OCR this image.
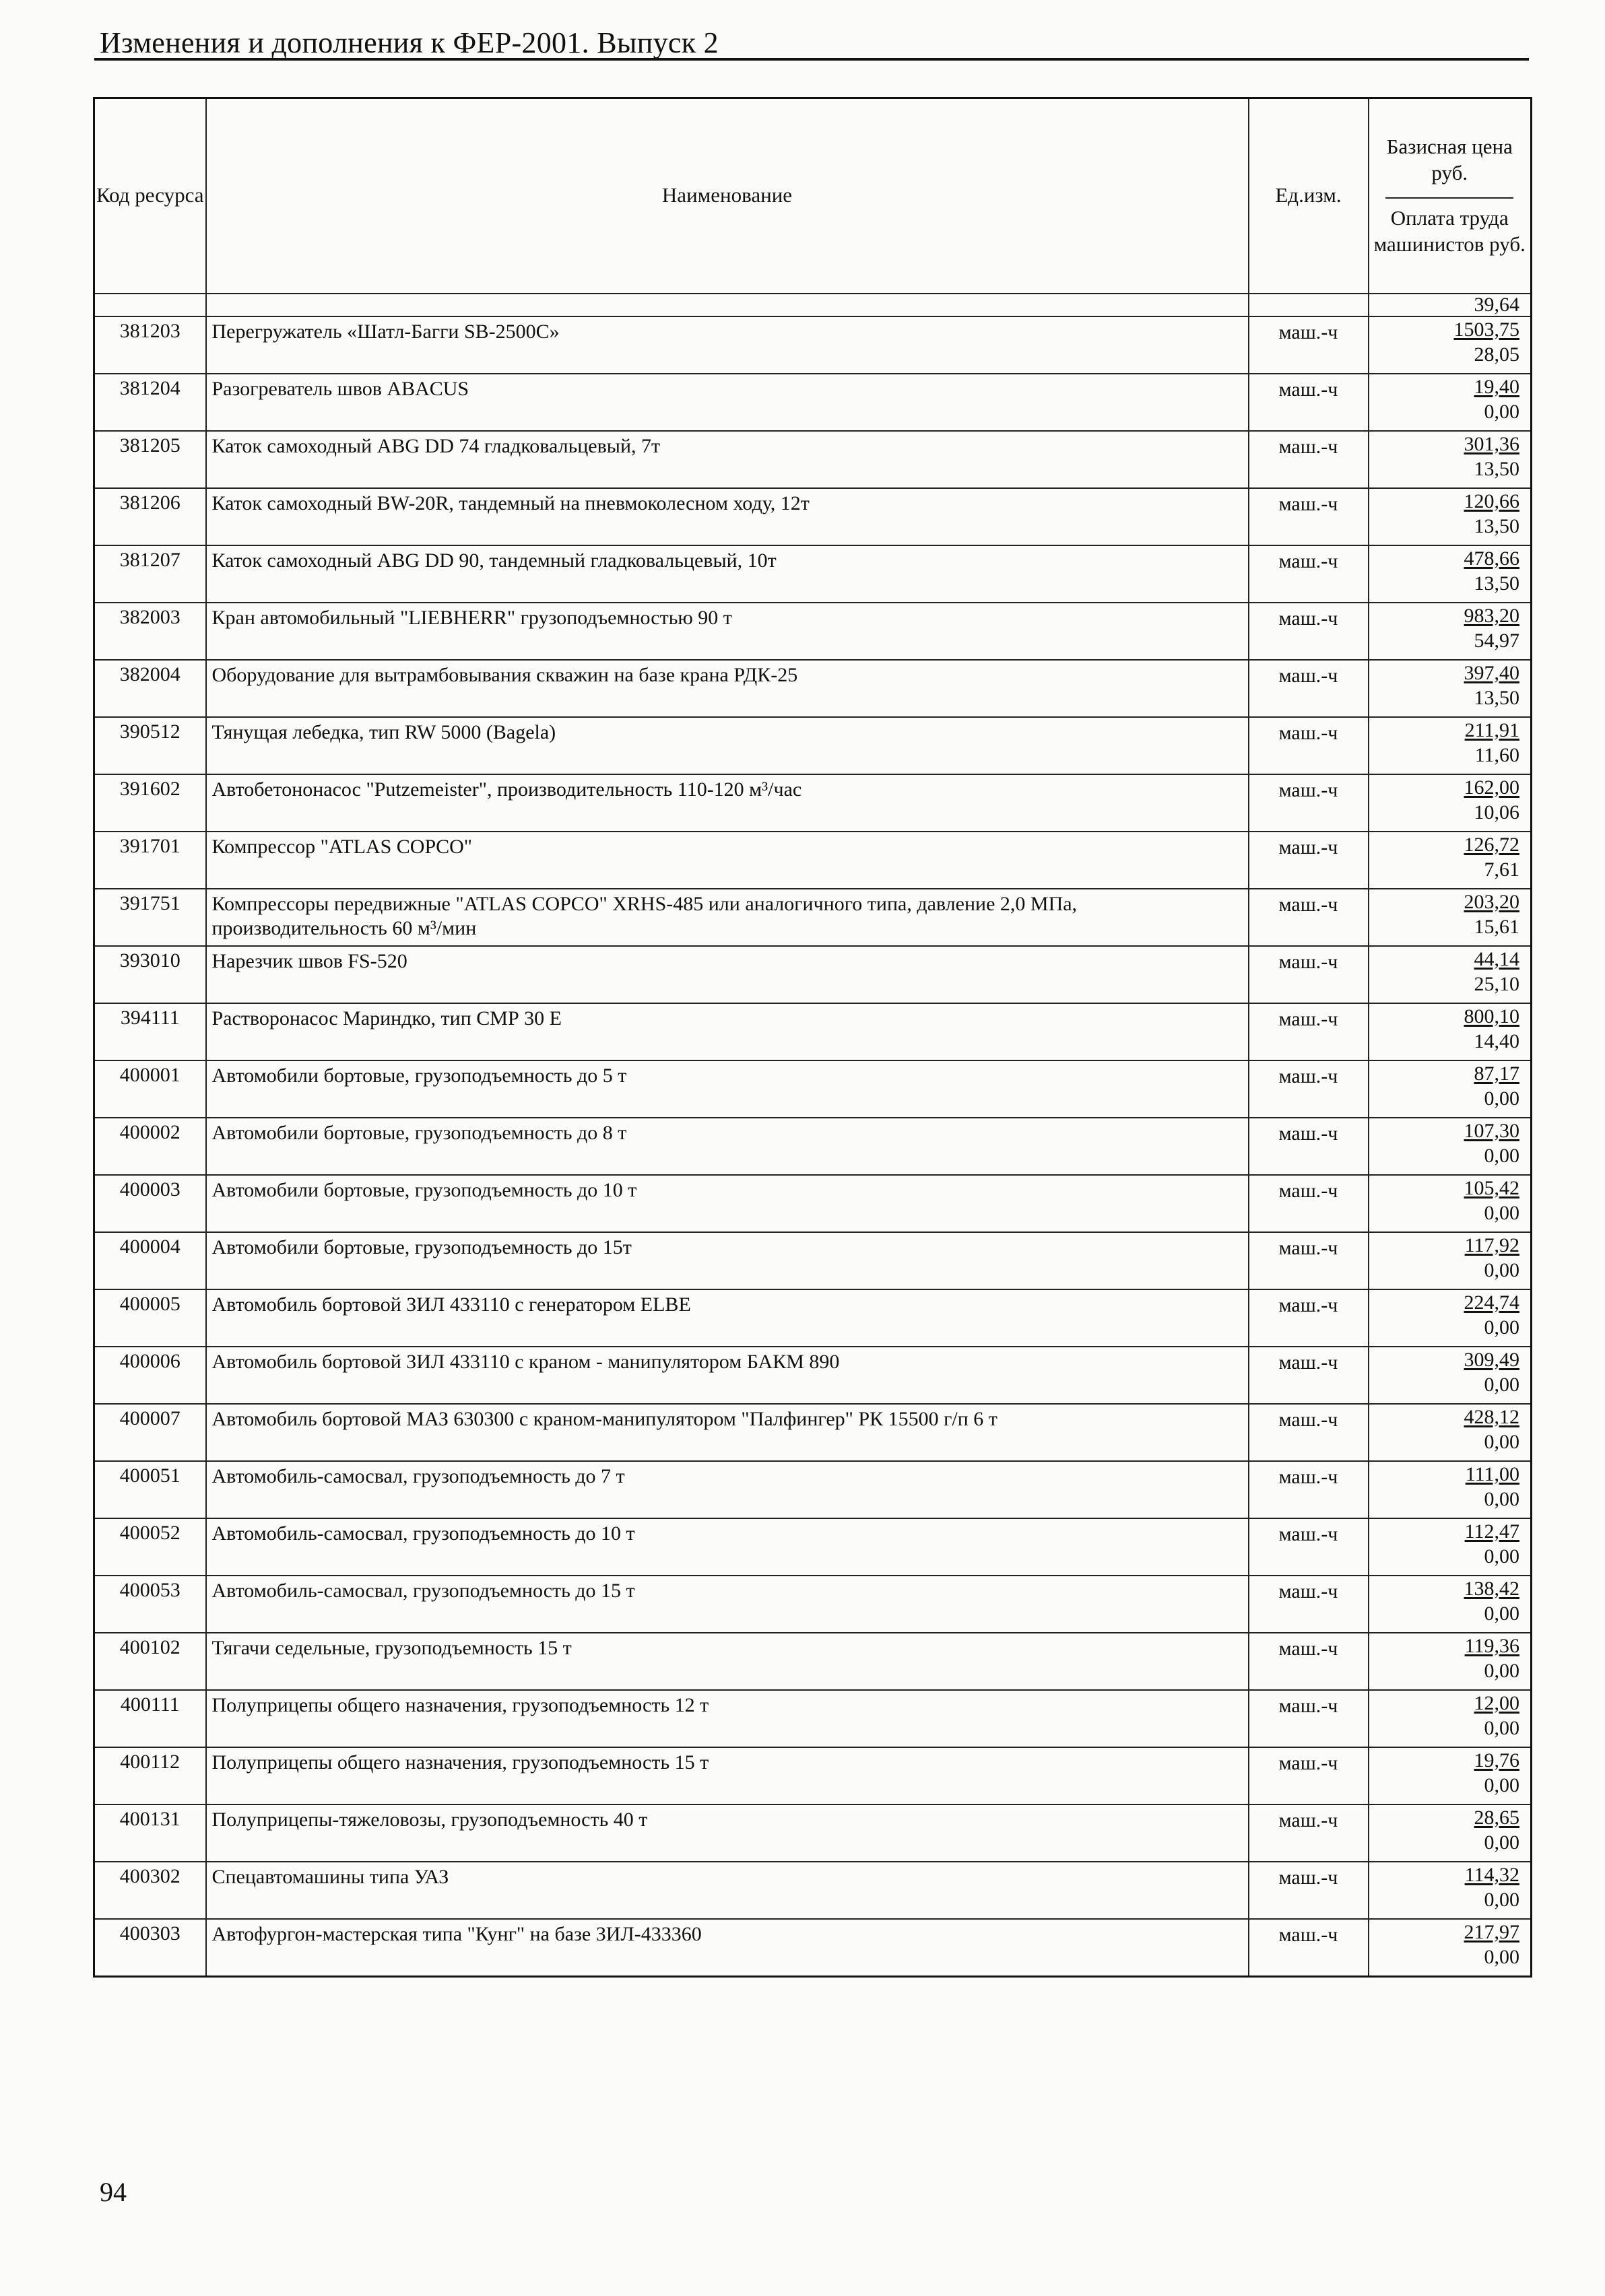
Изменения и дополнения к ФЕР-2001. Выпуск 2
Код ресурса	Наименование	Ед.изм.	Базисная цена руб.
Оплата труда машинистов руб.

			39,64
381203	Перегружатель «Шатл-Багги SB-2500C»	маш.-ч	1503,75
28,05

381204	Разогреватель швов ABACUS	маш.-ч	19,40
0,00

381205	Каток самоходный ABG DD 74 гладковальцевый, 7т	маш.-ч	301,36
13,50

381206	Каток самоходный BW-20R, тандемный на пневмоколесном ходу, 12т	маш.-ч	120,66
13,50

381207	Каток самоходный ABG DD 90, тандемный гладковальцевый, 10т	маш.-ч	478,66
13,50

382003	Кран автомобильный "LIEBHERR" грузоподъемностью 90 т	маш.-ч	983,20
54,97

382004	Оборудование для вытрамбовывания скважин на базе крана РДК-25	маш.-ч	397,40
13,50

390512	Тянущая лебедка, тип RW 5000 (Bagela)	маш.-ч	211,91
11,60

391602	Автобетононасос "Putzemeister", производительность 110-120 м³/час	маш.-ч	162,00
10,06

391701	Компрессор "ATLAS COPCO"	маш.-ч	126,72
7,61

391751	Компрессоры передвижные "ATLAS COPCO" XRHS-485 или аналогичного типа, давление 2,0 МПа, производительность 60 м³/мин	маш.-ч	203,20
15,61

393010	Нарезчик швов FS-520	маш.-ч	44,14
25,10

394111	Растворонасос Мариндко, тип СМР 30 Е	маш.-ч	800,10
14,40

400001	Автомобили бортовые, грузоподъемность до 5 т	маш.-ч	87,17
0,00

400002	Автомобили бортовые, грузоподъемность до 8 т	маш.-ч	107,30
0,00

400003	Автомобили бортовые, грузоподъемность до 10 т	маш.-ч	105,42
0,00

400004	Автомобили бортовые, грузоподъемность до 15т	маш.-ч	117,92
0,00

400005	Автомобиль бортовой ЗИЛ 433110 с генератором ELBE	маш.-ч	224,74
0,00

400006	Автомобиль бортовой ЗИЛ 433110 с краном - манипулятором БАКМ 890	маш.-ч	309,49
0,00

400007	Автомобиль бортовой МАЗ 630300 с краном-манипулятором "Палфингер" РК 15500 г/п 6 т	маш.-ч	428,12
0,00

400051	Автомобиль-самосвал, грузоподъемность до 7 т	маш.-ч	111,00
0,00

400052	Автомобиль-самосвал, грузоподъемность до 10 т	маш.-ч	112,47
0,00

400053	Автомобиль-самосвал, грузоподъемность до 15 т	маш.-ч	138,42
0,00

400102	Тягачи седельные, грузоподъемность 15 т	маш.-ч	119,36
0,00

400111	Полуприцепы общего назначения, грузоподъемность 12 т	маш.-ч	12,00
0,00

400112	Полуприцепы общего назначения, грузоподъемность 15 т	маш.-ч	19,76
0,00

400131	Полуприцепы-тяжеловозы, грузоподъемность 40 т	маш.-ч	28,65
0,00

400302	Спецавтомашины типа УАЗ	маш.-ч	114,32
0,00

400303	Автофургон-мастерская типа "Кунг" на базе ЗИЛ-433360	маш.-ч	217,97
0,00
94
